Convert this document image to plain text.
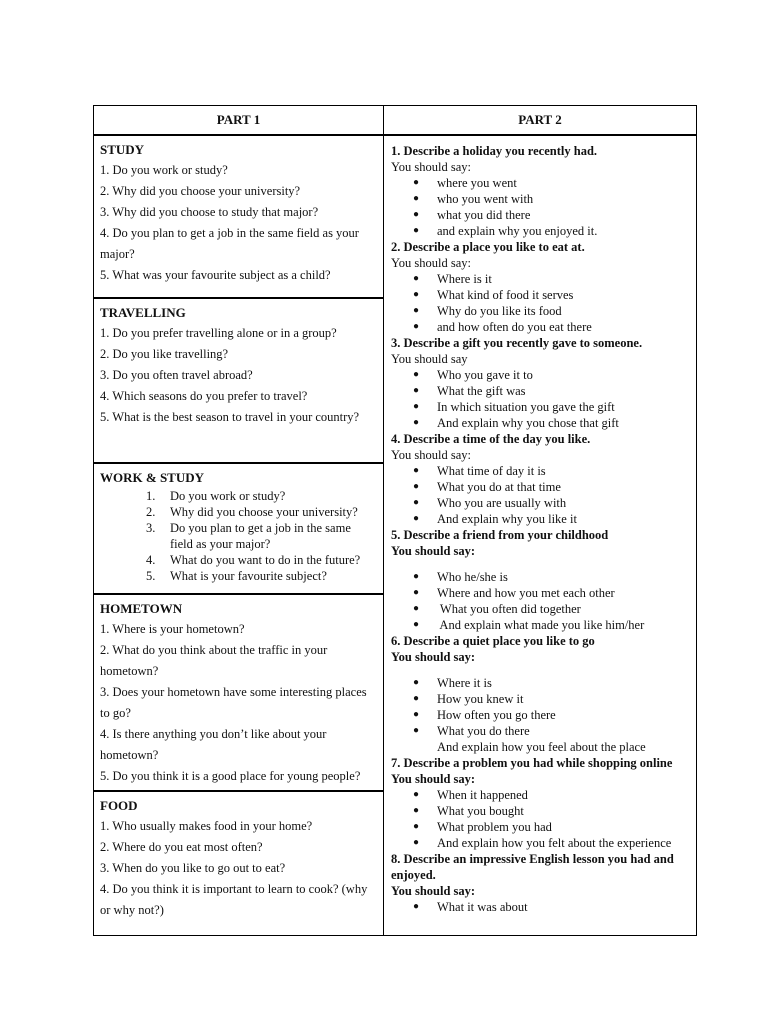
PART 1	PART 2
STUDY
1. Do you work or study?
2. Why did you choose your university?
3. Why did you choose to study that major?
4. Do you plan to get a job in the same field as your
major?
5. What was your favourite subject as a child?
TRAVELLING
1. Do you prefer travelling alone or in a group?
2. Do you like travelling?
3. Do you often travel abroad?
4. Which seasons do you prefer to travel?
5. What is the best season to travel in your country?
WORK & STUDY
1. Do you work or study?
2. Why did you choose your university?
3. Do you plan to get a job in the same
field as your major?
4. What do you want to do in the future?
5. What is your favourite subject?
HOMETOWN
1. Where is your hometown?
2. What do you think about the traffic in your
hometown?
3. Does your hometown have some interesting places
to go?
4. Is there anything you don’t like about your
hometown?
5. Do you think it is a good place for young people?
FOOD
1. Who usually makes food in your home?
2. Where do you eat most often?
3. When do you like to go out to eat?
4. Do you think it is important to learn to cook? (why
or why not?)
1. Describe a holiday you recently had.
You should say:
● where you went
● who you went with
● what you did there
● and explain why you enjoyed it.
2. Describe a place you like to eat at.
You should say:
● Where is it
● What kind of food it serves
● Why do you like its food
● and how often do you eat there
3. Describe a gift you recently gave to someone.
You should say
● Who you gave it to
● What the gift was
● In which situation you gave the gift
● And explain why you chose that gift
4. Describe a time of the day you like.
You should say:
● What time of day it is
● What you do at that time
● Who you are usually with
● And explain why you like it
5. Describe a friend from your childhood
You should say:
● Who he/she is
● Where and how you met each other
● What you often did together
● And explain what made you like him/her
6. Describe a quiet place you like to go
You should say:
● Where it is
● How you knew it
● How often you go there
● What you do there
And explain how you feel about the place
7. Describe a problem you had while shopping online
You should say:
● When it happened
● What you bought
● What problem you had
● And explain how you felt about the experience
8. Describe an impressive English lesson you had and
enjoyed.
You should say:
● What it was about
